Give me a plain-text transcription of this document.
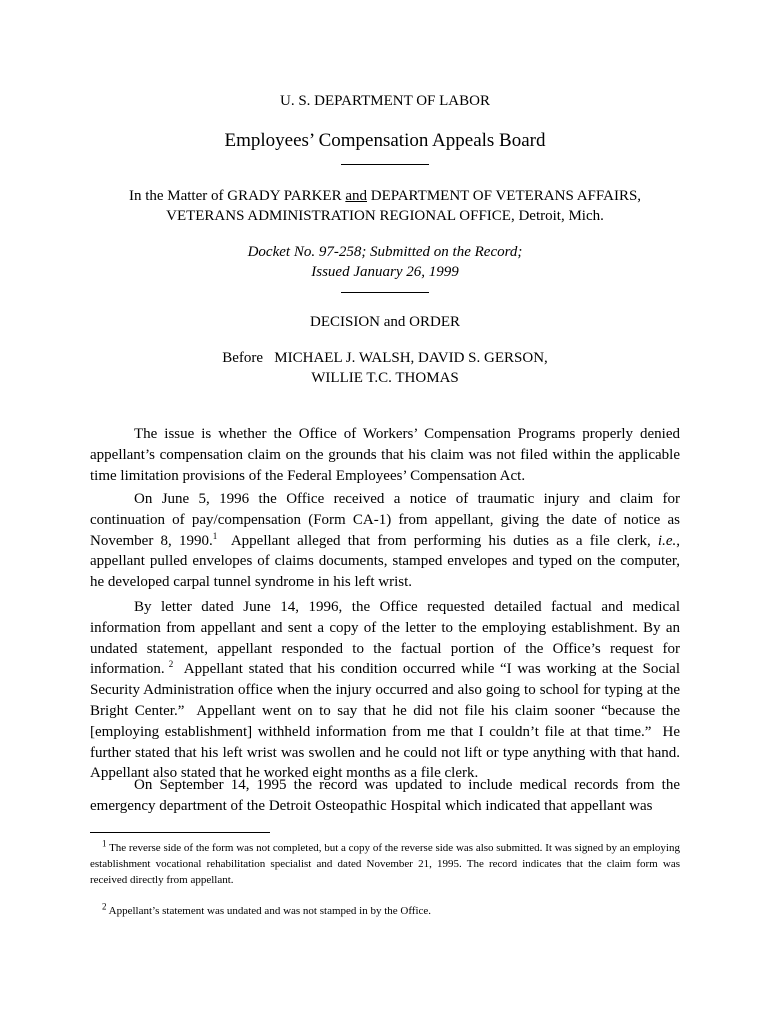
U. S. DEPARTMENT OF LABOR
Employees’ Compensation Appeals Board
In the Matter of GRADY PARKER and DEPARTMENT OF VETERANS AFFAIRS,
VETERANS ADMINISTRATION REGIONAL OFFICE, Detroit, Mich.
Docket No. 97-258; Submitted on the Record;
Issued January 26, 1999
DECISION and ORDER
Before   MICHAEL J. WALSH, DAVID S. GERSON,
WILLIE T.C. THOMAS

The issue is whether the Office of Workers’ Compensation Programs properly denied appellant’s compensation claim on the grounds that his claim was not filed within the applicable time limitation provisions of the Federal Employees’ Compensation Act.

On June 5, 1996 the Office received a notice of traumatic injury and claim for continuation of pay/compensation (Form CA-1) from appellant, giving the date of notice as November 8, 1990.$^1$  Appellant alleged that from performing his duties as a file clerk, i.e., appellant pulled envelopes of claims documents, stamped envelopes and typed on the computer, he developed carpal tunnel syndrome in his left wrist.

By letter dated June 14, 1996, the Office requested detailed factual and medical information from appellant and sent a copy of the letter to the employing establishment. By an undated statement, appellant responded to the factual portion of the Office’s request for information. $^2$  Appellant stated that his condition occurred while “I was working at the Social Security Administration office when the injury occurred and also going to school for typing at the Bright Center.”  Appellant went on to say that he did not file his claim sooner “because the [employing establishment] withheld information from me that I couldn’t file at that time.”  He further stated that his left wrist was swollen and he could not lift or type anything with that hand. Appellant also stated that he worked eight months as a file clerk.

On September 14, 1995 the record was updated to include medical records from the emergency department of the Detroit Osteopathic Hospital which indicated that appellant was

$^1$ The reverse side of the form was not completed, but a copy of the reverse side was also submitted. It was signed by an employing establishment vocational rehabilitation specialist and dated November 21, 1995. The record indicates that the claim form was received directly from appellant.

$^2$ Appellant’s statement was undated and was not stamped in by the Office.
